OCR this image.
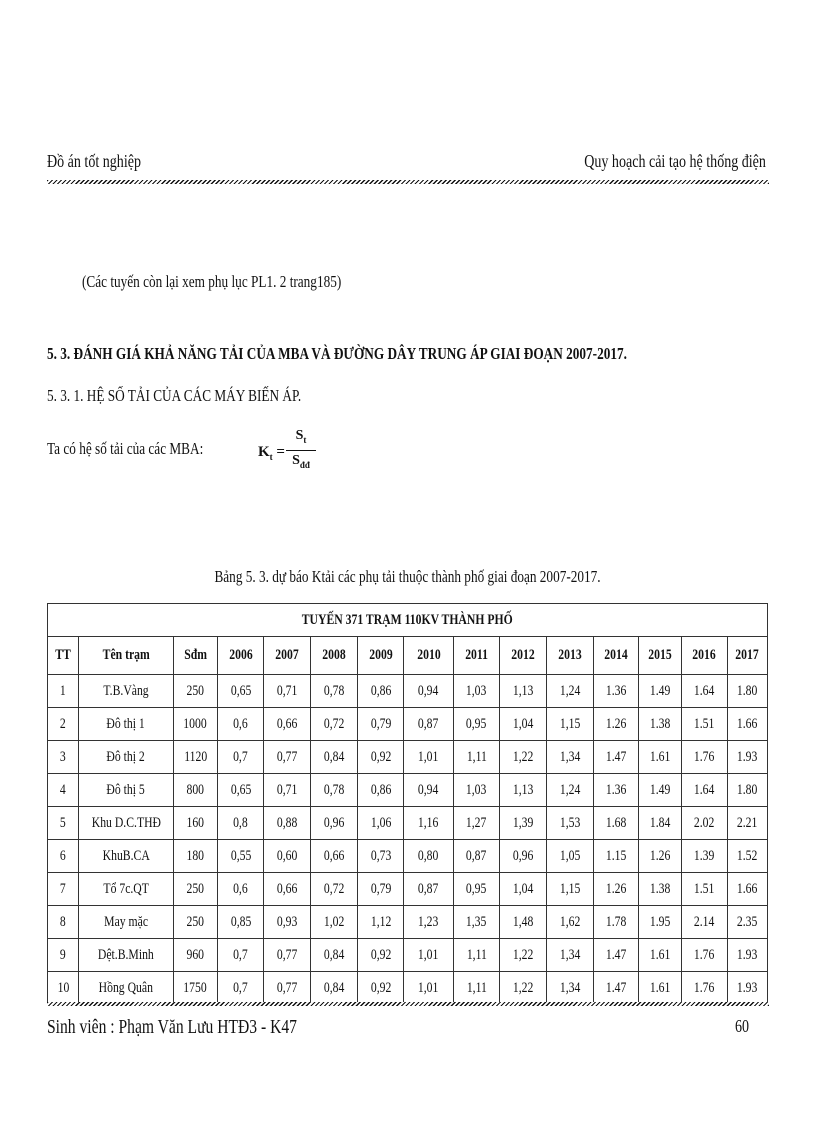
Đồ án tốt nghiệp	Quy hoạch cải tạo hệ thống điện
(Các tuyến còn lại xem phụ lục PL1. 2 trang185)
5. 3. ĐÁNH GIÁ KHẢ NĂNG TẢI CỦA MBA VÀ ĐƯỜNG DÂY TRUNG ÁP GIAI ĐOẠN 2007-2017.
5. 3. 1. HỆ SỐ TẢI CỦA CÁC MÁY BIẾN ÁP.
Ta có hệ số tải của các MBA:	$K_t$ =
$S_t$
$S_{đđ}$
Bảng 5. 3. dự báo Ktải các phụ tải thuộc thành phố giai đoạn 2007-2017.
TUYẾN 371 TRẠM 110KV THÀNH PHỐ														
TT	Tên trạm	Sđm	2006	2007	2008	2009	2010	2011	2012	2013	2014	2015	2016	2017
1	T.B.Vàng	250	0,65	0,71	0,78	0,86	0,94	1,03	1,13	1,24	1.36	1.49	1.64	1.80
2	Đô thị 1	1000	0,6	0,66	0,72	0,79	0,87	0,95	1,04	1,15	1.26	1.38	1.51	1.66
3	Đô thị 2	1120	0,7	0,77	0,84	0,92	1,01	1,11	1,22	1,34	1.47	1.61	1.76	1.93
4	Đô thị 5	800	0,65	0,71	0,78	0,86	0,94	1,03	1,13	1,24	1.36	1.49	1.64	1.80
5	Khu D.C.THĐ	160	0,8	0,88	0,96	1,06	1,16	1,27	1,39	1,53	1.68	1.84	2.02	2.21
6	KhuB.CA	180	0,55	0,60	0,66	0,73	0,80	0,87	0,96	1,05	1.15	1.26	1.39	1.52
7	Tổ 7c.QT	250	0,6	0,66	0,72	0,79	0,87	0,95	1,04	1,15	1.26	1.38	1.51	1.66
8	May mặc	250	0,85	0,93	1,02	1,12	1,23	1,35	1,48	1,62	1.78	1.95	2.14	2.35
9	Dệt.B.Minh	960	0,7	0,77	0,84	0,92	1,01	1,11	1,22	1,34	1.47	1.61	1.76	1.93
10	Hồng Quân	1750	0,7	0,77	0,84	0,92	1,01	1,11	1,22	1,34	1.47	1.61	1.76	1.93
Sinh viên : Phạm Văn Lưu HTĐ3 - K47	60
